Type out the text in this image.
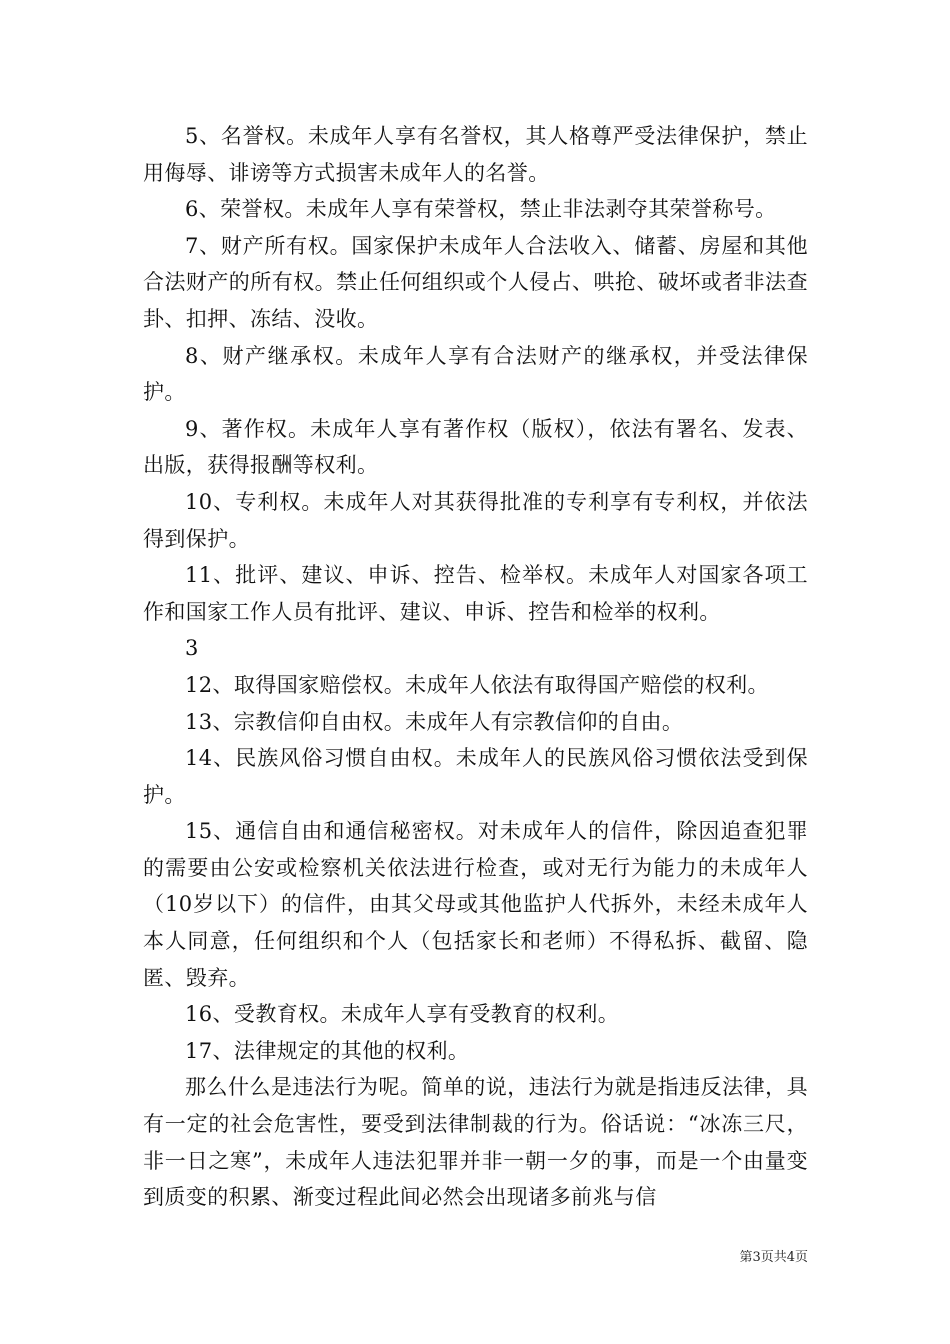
5、名誉权。未成年人享有名誉权，其人格尊严受法律保护，禁止用侮辱、诽谤等方式损害未成年人的名誉。

6、荣誉权。未成年人享有荣誉权，禁止非法剥夺其荣誉称号。

7、财产所有权。国家保护未成年人合法收入、储蓄、房屋和其他合法财产的所有权。禁止任何组织或个人侵占、哄抢、破坏或者非法查卦、扣押、冻结、没收。

8、财产继承权。未成年人享有合法财产的继承权，并受法律保护。

9、著作权。未成年人享有著作权（版权），依法有署名、发表、出版，获得报酬等权利。

10、专利权。未成年人对其获得批准的专利享有专利权，并依法得到保护。

11、批评、建议、申诉、控告、检举权。未成年人对国家各项工作和国家工作人员有批评、建议、申诉、控告和检举的权利。

3

12、取得国家赔偿权。未成年人依法有取得国产赔偿的权利。

13、宗教信仰自由权。未成年人有宗教信仰的自由。

14、民族风俗习惯自由权。未成年人的民族风俗习惯依法受到保护。

15、通信自由和通信秘密权。对未成年人的信件，除因追查犯罪的需要由公安或检察机关依法进行检查，或对无行为能力的未成年人（10岁以下）的信件，由其父母或其他监护人代拆外，未经未成年人本人同意，任何组织和个人（包括家长和老师）不得私拆、截留、隐匿、毁弃。

16、受教育权。未成年人享有受教育的权利。

17、法律规定的其他的权利。

那么什么是违法行为呢。简单的说，违法行为就是指违反法律，具有一定的社会危害性，要受到法律制裁的行为。俗话说：“冰冻三尺，非一日之寒”，未成年人违法犯罪并非一朝一夕的事，而是一个由量变到质变的积累、渐变过程此间必然会出现诸多前兆与信

第3页共4页
